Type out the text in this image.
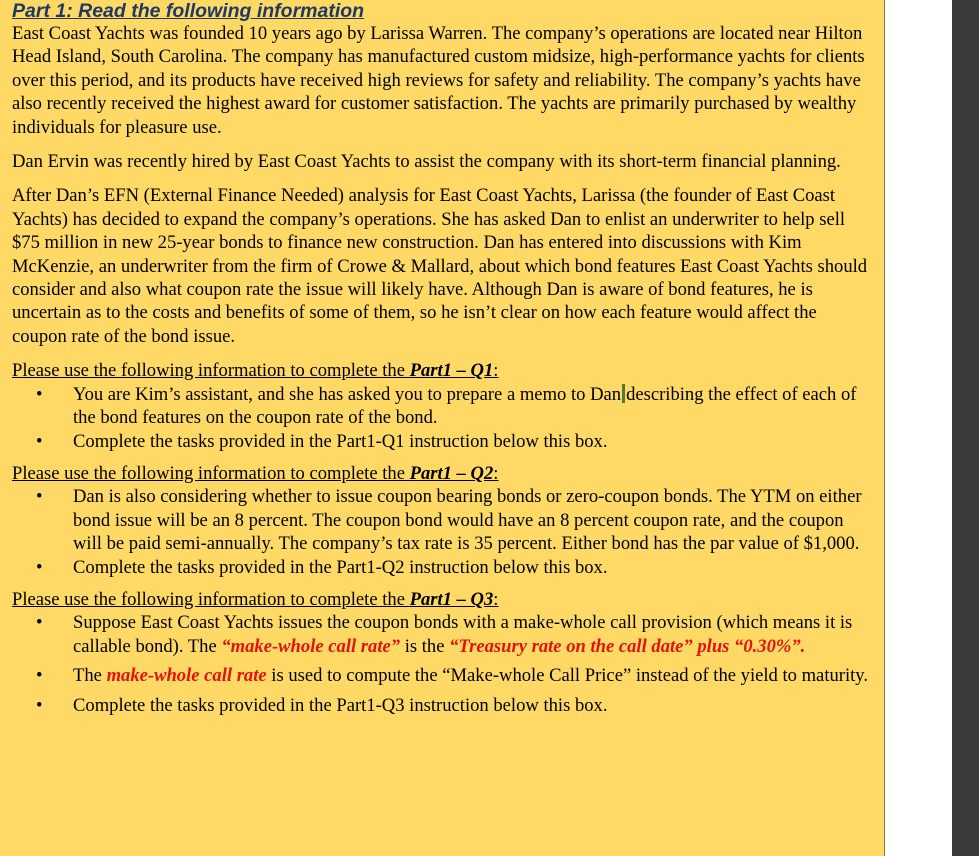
Part 1: Read the following information

East Coast Yachts was founded 10 years ago by Larissa Warren. The company’s operations are located near Hilton Head Island, South Carolina. The company has manufactured custom midsize, high-performance yachts for clients over this period, and its products have received high reviews for safety and reliability. The company’s yachts have also recently received the highest award for customer satisfaction. The yachts are primarily purchased by wealthy individuals for pleasure use.

Dan Ervin was recently hired by East Coast Yachts to assist the company with its short-term financial planning.

After Dan’s EFN (External Finance Needed) analysis for East Coast Yachts, Larissa (the founder of East Coast Yachts) has decided to expand the company’s operations. She has asked Dan to enlist an underwriter to help sell $75 million in new 25-year bonds to finance new construction. Dan has entered into discussions with Kim McKenzie, an underwriter from the firm of Crowe & Mallard, about which bond features East Coast Yachts should consider and also what coupon rate the issue will likely have. Although Dan is aware of bond features, he is uncertain as to the costs and benefits of some of them, so he isn’t clear on how each feature would affect the coupon rate of the bond issue.

Please use the following information to complete the Part1 – Q1:

• You are Kim’s assistant, and she has asked you to prepare a memo to Dan describing the effect of each of the bond features on the coupon rate of the bond.
• Complete the tasks provided in the Part1-Q1 instruction below this box.

Please use the following information to complete the Part1 – Q2:

• Dan is also considering whether to issue coupon bearing bonds or zero-coupon bonds. The YTM on either bond issue will be an 8 percent. The coupon bond would have an 8 percent coupon rate, and the coupon will be paid semi-annually. The company’s tax rate is 35 percent. Either bond has the par value of $1,000.
• Complete the tasks provided in the Part1-Q2 instruction below this box.

Please use the following information to complete the Part1 – Q3:

• Suppose East Coast Yachts issues the coupon bonds with a make-whole call provision (which means it is callable bond). The “make-whole call rate” is the “Treasury rate on the call date” plus “0.30%”.
• The make-whole call rate is used to compute the “Make-whole Call Price” instead of the yield to maturity.
• Complete the tasks provided in the Part1-Q3 instruction below this box.
